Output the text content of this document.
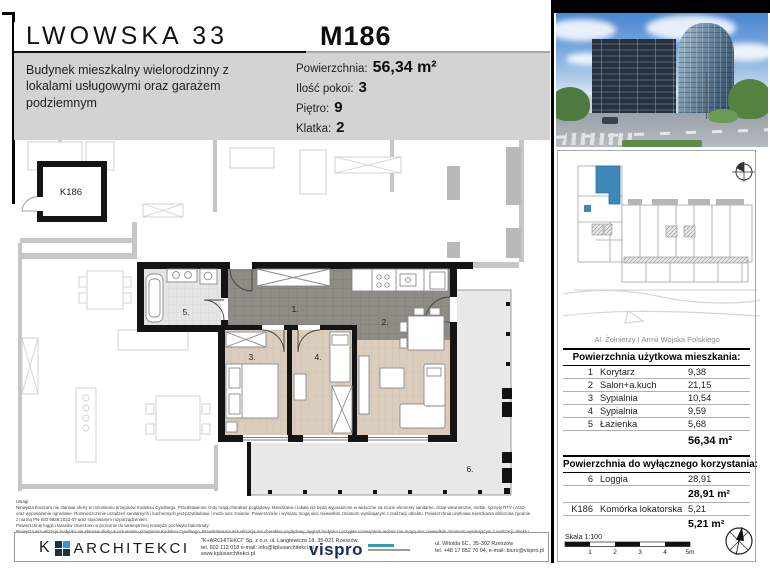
K186
6.
1.
2.
3.	4.
5.
Al. Żołnierzy I Armii Wojska Polskiego
Skala 1:100
1	2	3	4	5m
LWOWSKA 33	M186
Budynek mieszkalny wielorodzinny z lokalami usługowymi oraz garażem podziemnym
Powierzchnia: 56,34 m²
Ilość pokoi: 3
Piętro: 9
Klatka: 2
Powierzchnia użytkowa mieszkania:
1 Korytarz	9,38
2 Salon+a.kuch	21,15
3 Sypialnia	10,54
4 Sypialnia	9,59
5 Łazienka	5,68
56,34 m²
Powierzchnia do wyłącznego korzystania:
6 Loggia	28,91
28,91 m²
K186 Komórka lokatorska 5,21
5,21 m²
Uwagi:
Niniejsza broszura nie stanowi oferty w rozumieniu przepisów Kodeksu Cywilnego. Przedstawione rzuty mają charakter poglądowy. Mieszkanie i lokale nie będą wyposażone w widoczne na rzucie elementy sanitarne, drzwi wewnętrzne, meble, sprzęty RTV i AGD
oraz wyposażenie ogrodowe. Rozmieszczenie urządzeń sanitarnych i kuchennych jest przykładowe i może ulec zmianie. Powierzchnie i wymiary mogą ulec niewielkim zmianom wynikającym z realizacji obiektu. Powierzchnia użytkowa mieszkania obliczona zgodnie
z normą PN-ISO 9836:2022-07 oraz stosowanym rozporządzeniem.
Powierzchnię loggii i tarasów zmierzono w poziomie do wewnętrznej krawędzi pochwytu balustrady.
Niniejsza wizualizacja budynku nie stanowi oferty w rozumieniu przepisów Kodeksu Cywilnego. Przedstawiona wizualizacja ma charakter poglądowy, wygląd budynku i przyjęte rozwiązania techniczne mogą ulec niewielkim zmianom wynikającym z realizacji obiektu.
K ARCHITEKCI "K+ARCHITEKCI" Sp. z o.o. ul. Langiewicza 18, 35-021 Rzeszów,
tel. 602 112 018 e-mail: info@kplusarchitekci.pl
www.kplusarchitekci.pl	vispro	ul. Witolda 6C., 35-302 Rzeszów
tel. +48 17 852 70 04, e-mail: biuro@vispro.pl
